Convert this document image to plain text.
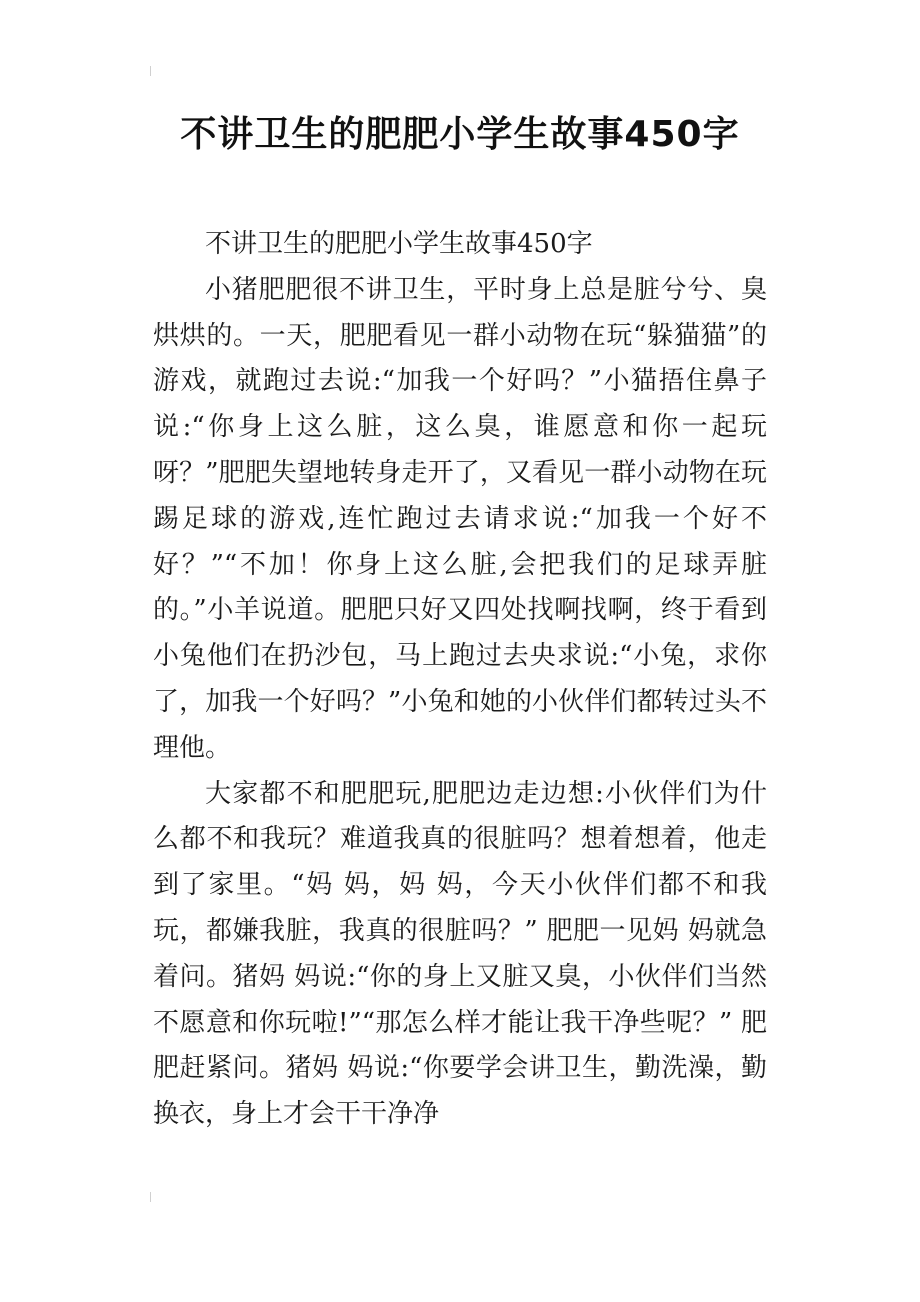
不讲卫生的肥肥小学生故事450字

不讲卫生的肥肥小学生故事450字

小猪肥肥很不讲卫生，平时身上总是脏兮兮、臭烘烘的。一天，肥肥看见一群小动物在玩“躲猫猫”的游戏，就跑过去说:“加我一个好吗？”小猫捂住鼻子说:“你身上这么脏，这么臭，谁愿意和你一起玩呀？”肥肥失望地转身走开了，又看见一群小动物在玩踢足球的游戏,连忙跑过去请求说:“加我一个好不好？”“不加！你身上这么脏,会把我们的足球弄脏的。”小羊说道。肥肥只好又四处找啊找啊，终于看到小兔他们在扔沙包，马上跑过去央求说:“小兔，求你了，加我一个好吗？”小兔和她的小伙伴们都转过头不理他。

大家都不和肥肥玩,肥肥边走边想:小伙伴们为什么都不和我玩？难道我真的很脏吗？想着想着，他走到了家里。“妈 妈，妈 妈，今天小伙伴们都不和我玩，都嫌我脏，我真的很脏吗？” 肥肥一见妈 妈就急着问。猪妈 妈说:“你的身上又脏又臭，小伙伴们当然不愿意和你玩啦!”“那怎么样才能让我干净些呢？” 肥肥赶紧问。猪妈 妈说:“你要学会讲卫生，勤洗澡，勤换衣，身上才会干干净净
